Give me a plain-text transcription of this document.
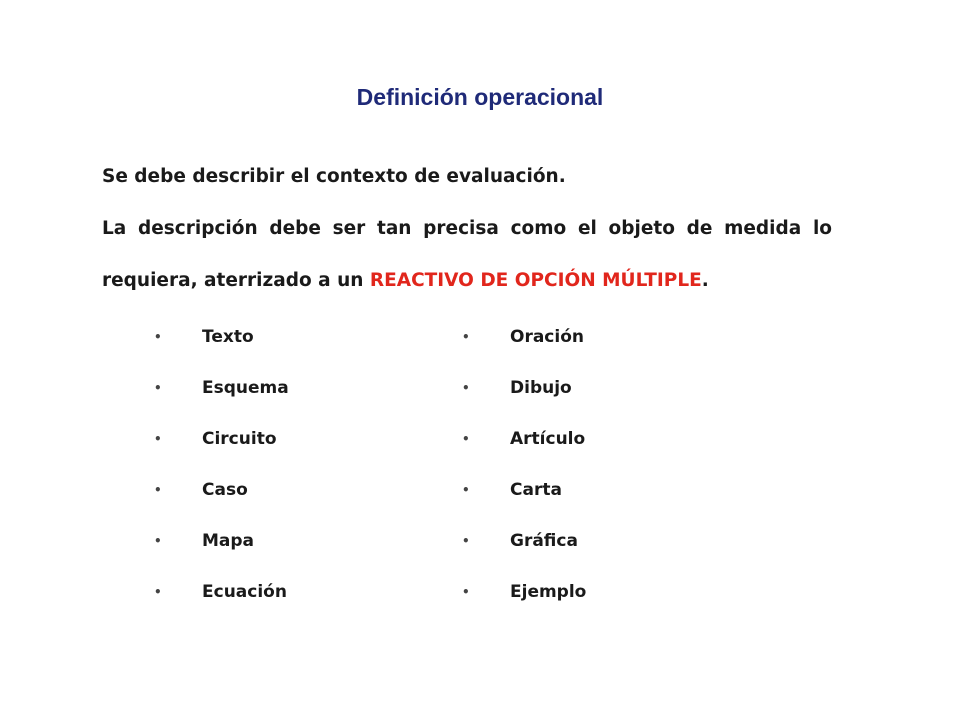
Definición operacional
Se debe describir el contexto de evaluación.
La descripción debe ser tan precisa como el objeto de medida lo requiera, aterrizado a un REACTIVO DE OPCIÓN MÚLTIPLE.
• Texto
• Esquema
• Circuito
• Caso
• Mapa
• Ecuación
• Oración
• Dibujo
• Artículo
• Carta
• Gráfica
• Ejemplo
